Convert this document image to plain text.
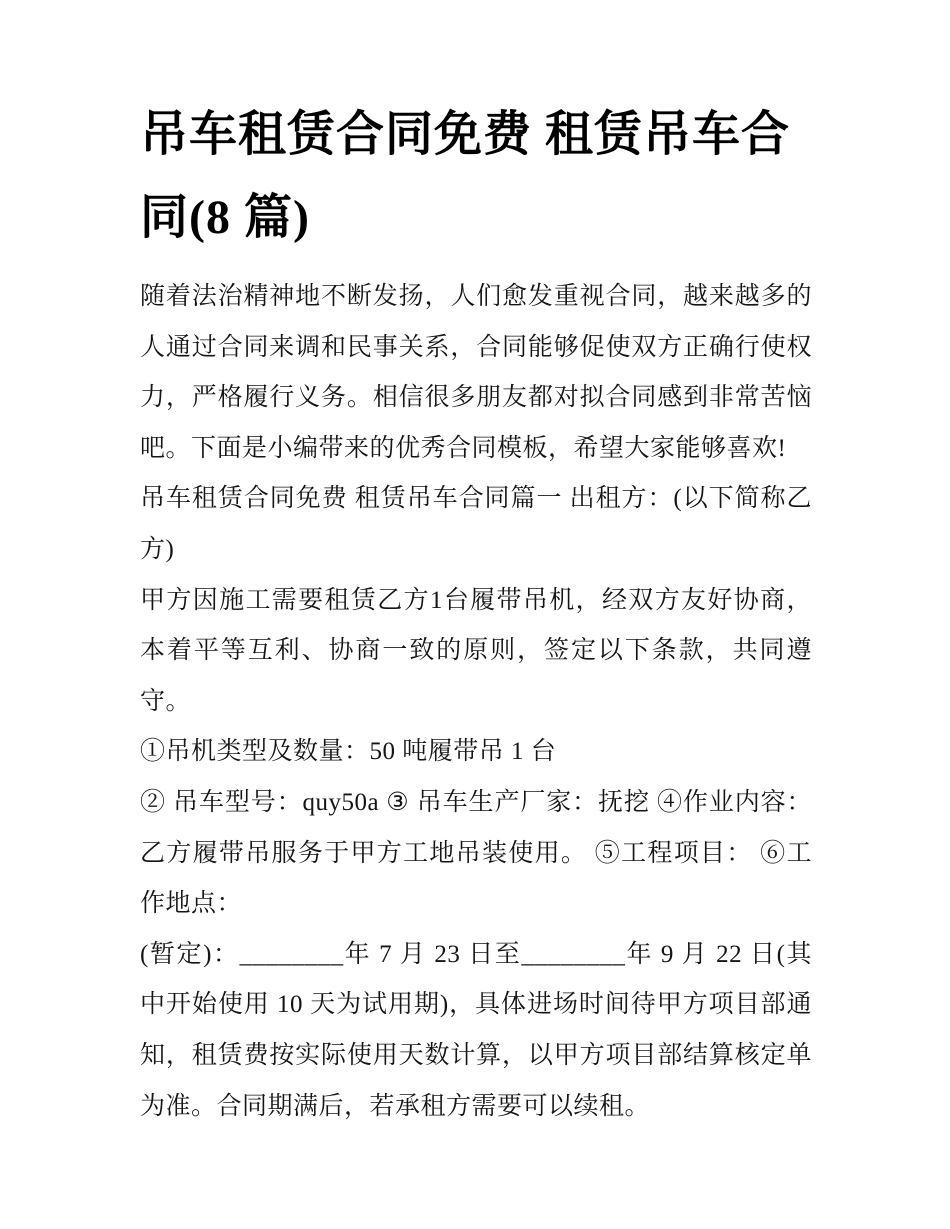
吊车租赁合同免费 租赁吊车合同(8 篇)

随着法治精神地不断发扬，人们愈发重视合同，越来越多的人通过合同来调和民事关系，合同能够促使双方正确行使权力，严格履行义务。相信很多朋友都对拟合同感到非常苦恼吧。下面是小编带来的优秀合同模板，希望大家能够喜欢!

吊车租赁合同免费 租赁吊车合同篇一 出租方：(以下简称乙方)

甲方因施工需要租赁乙方1台履带吊机，经双方友好协商，本着平等互利、协商一致的原则，签定以下条款，共同遵守。

①吊机类型及数量：50 吨履带吊 1 台

② 吊车型号：quy50a ③ 吊车生产厂家：抚挖 ④作业内容：乙方履带吊服务于甲方工地吊装使用。 ⑤工程项目： ⑥工作地点：

(暂定)：________年 7 月 23 日至________年 9 月 22 日(其中开始使用 10 天为试用期)，具体进场时间待甲方项目部通知，租赁费按实际使用天数计算，以甲方项目部结算核定单为准。合同期满后，若承租方需要可以续租。
